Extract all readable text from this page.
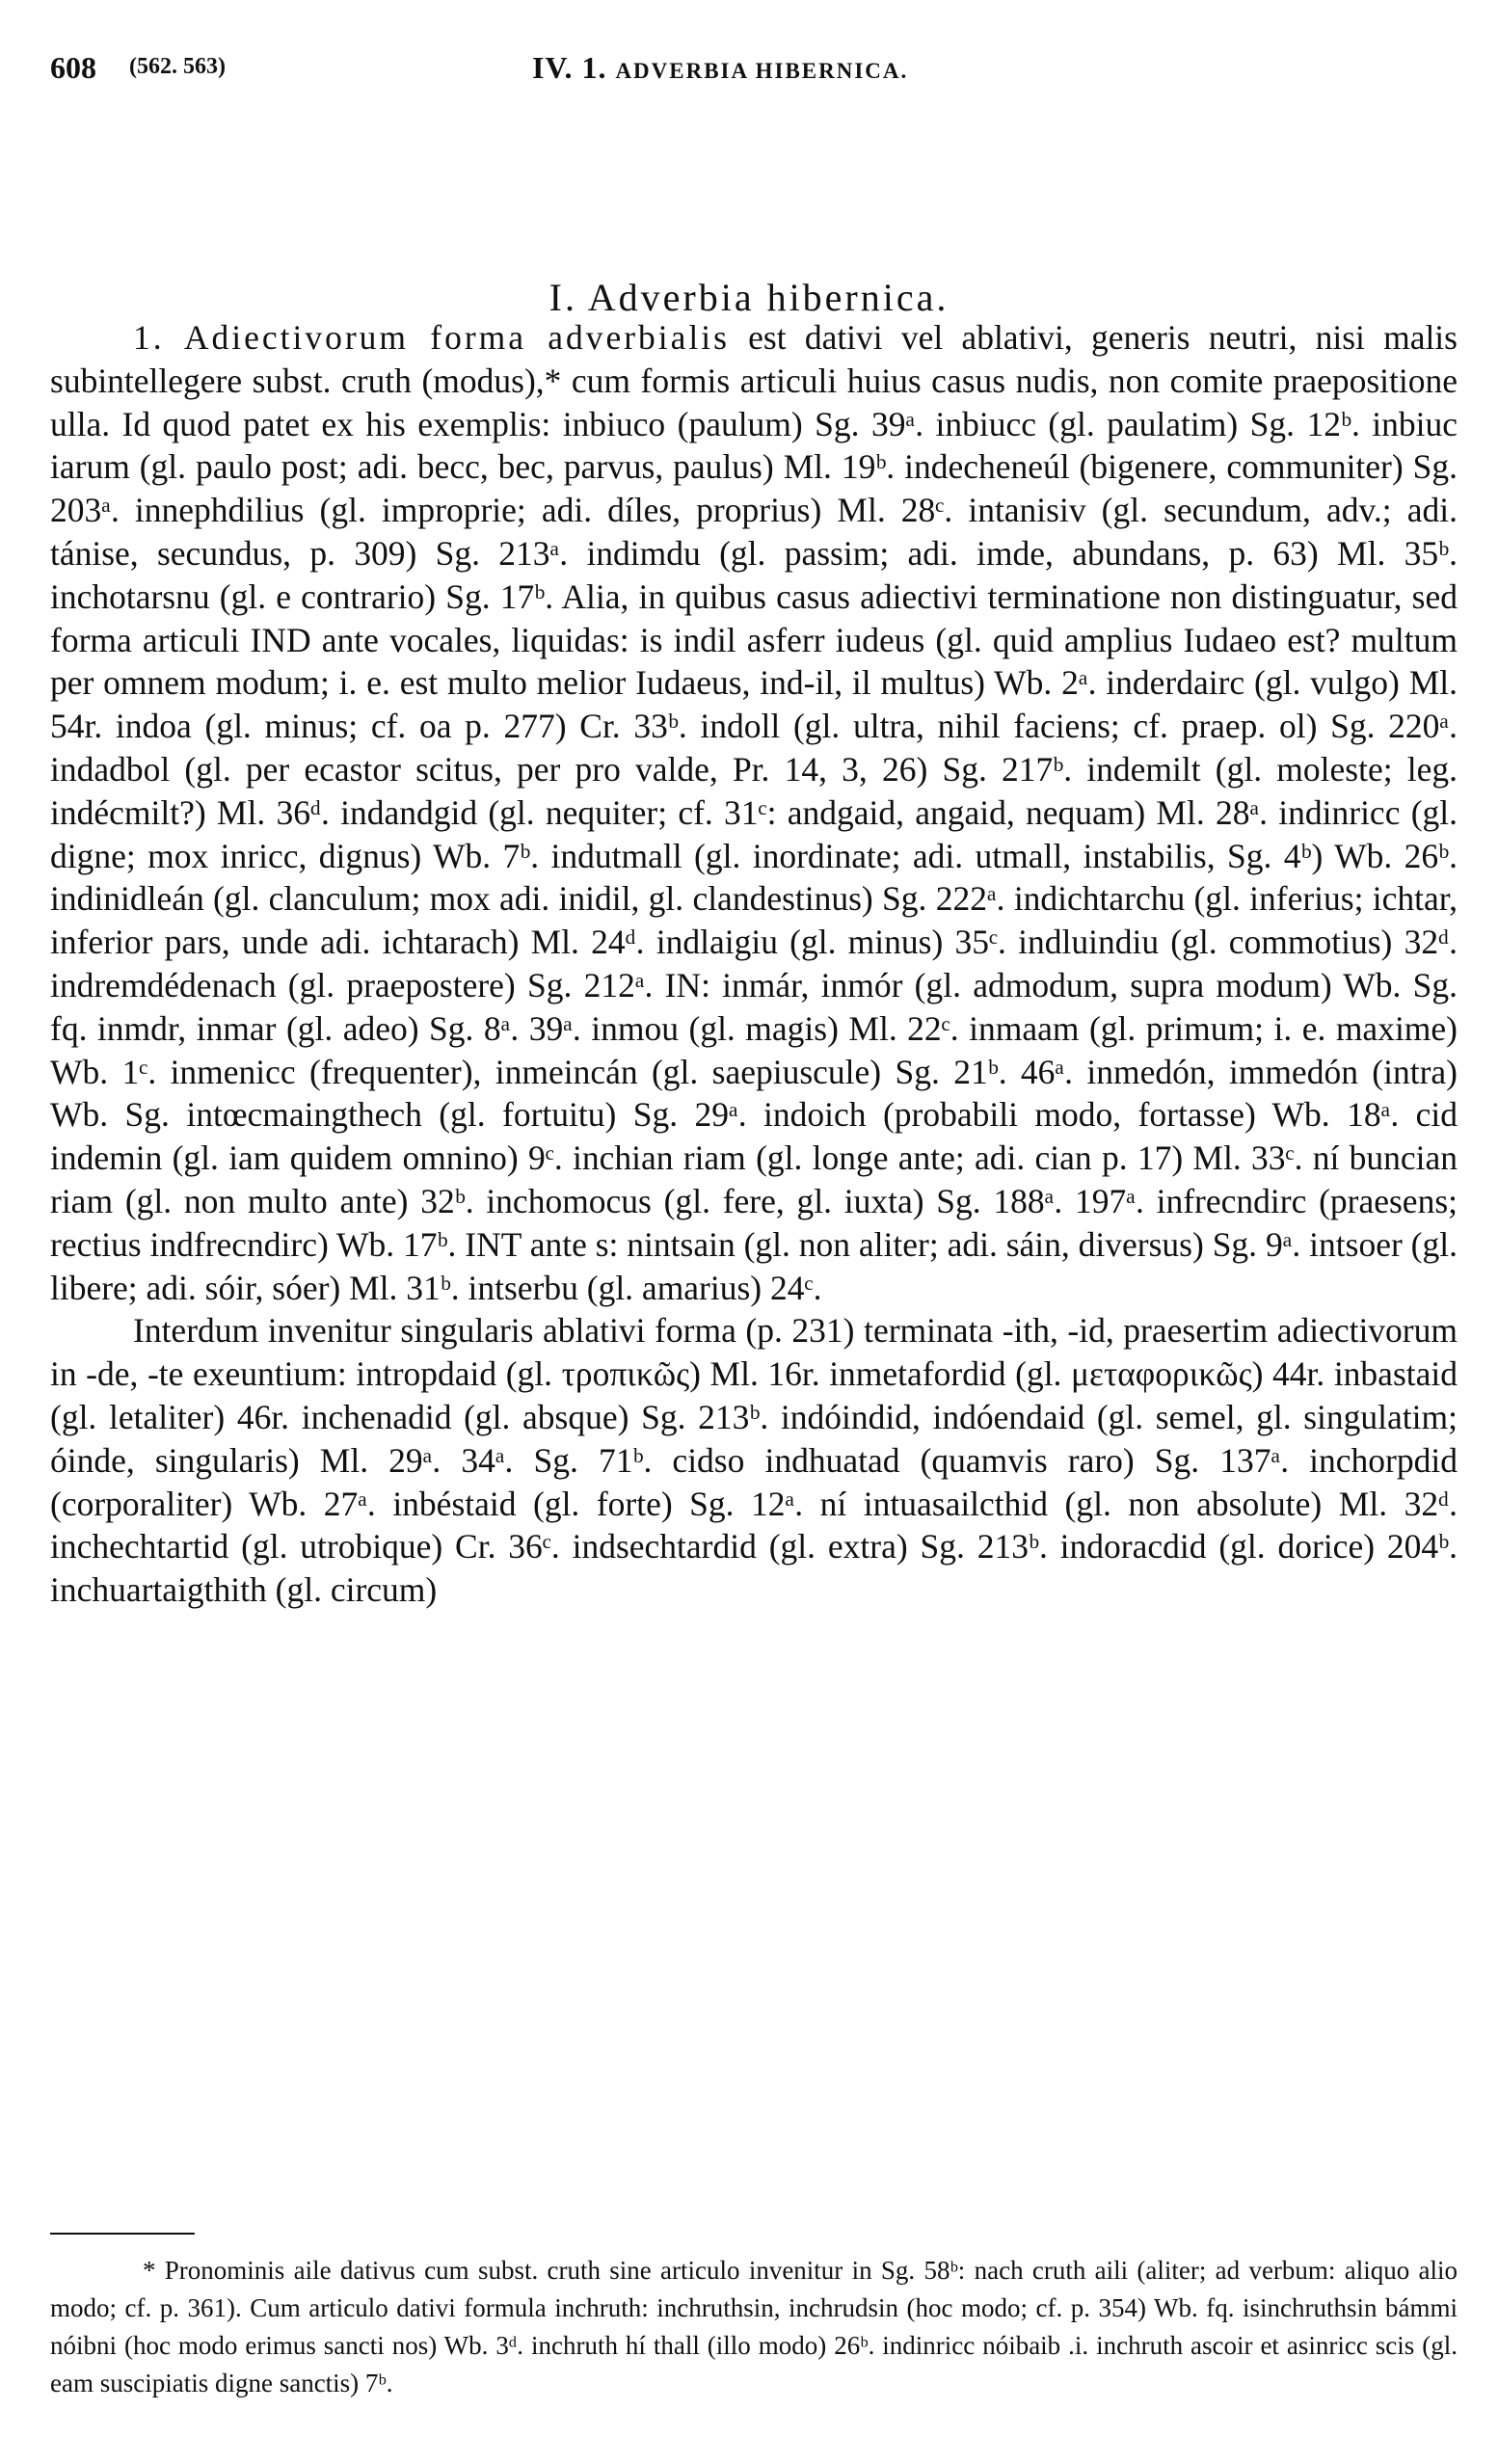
608 (562. 563)	IV. 1. ADVERBIA HIBERNICA.
I. Adverbia hibernica.

1. Adiectivorum forma adverbialis est dativi vel ablativi, generis neutri, nisi malis subintellegere subst. cruth (modus),* cum formis articuli huius casus nudis, non comite praepositione ulla. Id quod patet ex his exemplis: inbiuco (paulum) Sg. 39ᵃ. inbiucc (gl. paulatim) Sg. 12ᵇ. inbiuc iarum (gl. paulo post; adi. becc, bec, parvus, paulus) Ml. 19ᵇ. indecheneúl (bigenere, communiter) Sg. 203ᵃ. innephdilius (gl. improprie; adi. díles, proprius) Ml. 28ᶜ. intanisiv (gl. secundum, adv.; adi. tánise, secundus, p. 309) Sg. 213ᵃ. indimdu (gl. passim; adi. imde, abundans, p. 63) Ml. 35ᵇ. inchotarsnu (gl. e contrario) Sg. 17ᵇ. Alia, in quibus casus adiectivi terminatione non distinguatur, sed forma articuli IND ante vocales, liquidas: is indil asferr iudeus (gl. quid amplius Iudaeo est? multum per omnem modum; i. e. est multo melior Iudaeus, ind-il, il multus) Wb. 2ᵃ. inderdairc (gl. vulgo) Ml. 54r. indoa (gl. minus; cf. oa p. 277) Cr. 33ᵇ. indoll (gl. ultra, nihil faciens; cf. praep. ol) Sg. 220ᵃ. indadbol (gl. per ecastor scitus, per pro valde, Pr. 14, 3, 26) Sg. 217ᵇ. indemilt (gl. moleste; leg. indécmilt?) Ml. 36ᵈ. indandgid (gl. nequiter; cf. 31ᶜ: andgaid, angaid, nequam) Ml. 28ᵃ. indinricc (gl. digne; mox inricc, dignus) Wb. 7ᵇ. indutmall (gl. inordinate; adi. utmall, instabilis, Sg. 4ᵇ) Wb. 26ᵇ. indinidleán (gl. clanculum; mox adi. inidil, gl. clandestinus) Sg. 222ᵃ. indichtarchu (gl. inferius; ichtar, inferior pars, unde adi. ichtarach) Ml. 24ᵈ. indlaigiu (gl. minus) 35ᶜ. indluindiu (gl. commotius) 32ᵈ. indremdédenach (gl. praepostere) Sg. 212ᵃ. IN: inmár, inmór (gl. admodum, supra modum) Wb. Sg. fq. inmdr, inmar (gl. adeo) Sg. 8ᵃ. 39ᵃ. inmou (gl. magis) Ml. 22ᶜ. inmaam (gl. primum; i. e. maxime) Wb. 1ᶜ. inmenicc (frequenter), inmeincán (gl. saepiuscule) Sg. 21ᵇ. 46ᵃ. inmedón, immedón (intra) Wb. Sg. intœcmaingthech (gl. fortuitu) Sg. 29ᵃ. indoich (probabili modo, fortasse) Wb. 18ᵃ. cid indemin (gl. iam quidem omnino) 9ᶜ. inchian riam (gl. longe ante; adi. cian p. 17) Ml. 33ᶜ. ní buncian riam (gl. non multo ante) 32ᵇ. inchomocus (gl. fere, gl. iuxta) Sg. 188ᵃ. 197ᵃ. infrecndirc (praesens; rectius indfrecndirc) Wb. 17ᵇ. INT ante s: nintsain (gl. non aliter; adi. sáin, diversus) Sg. 9ᵃ. intsoer (gl. libere; adi. sóir, sóer) Ml. 31ᵇ. intserbu (gl. amarius) 24ᶜ.

Interdum invenitur singularis ablativi forma (p. 231) terminata -ith, -id, praesertim adiectivorum in -de, -te exeuntium: intropdaid (gl. τροπικῶς) Ml. 16r. inmetafordid (gl. μεταφορικῶς) 44r. inbastaid (gl. letaliter) 46r. inchenadid (gl. absque) Sg. 213ᵇ. indóindid, indóendaid (gl. semel, gl. singulatim; óinde, singularis) Ml. 29ᵃ. 34ᵃ. Sg. 71ᵇ. cidso indhuatad (quamvis raro) Sg. 137ᵃ. inchorpdid (corporaliter) Wb. 27ᵃ. inbéstaid (gl. forte) Sg. 12ᵃ. ní intuasailcthid (gl. non absolute) Ml. 32ᵈ. inchechtartid (gl. utrobique) Cr. 36ᶜ. indsechtardid (gl. extra) Sg. 213ᵇ. indoracdid (gl. dorice) 204ᵇ. inchuartaigthith (gl. circum)

* Pronominis aile dativus cum subst. cruth sine articulo invenitur in Sg. 58ᵇ: nach cruth aili (aliter; ad verbum: aliquo alio modo; cf. p. 361). Cum articulo dativi formula inchruth: inchruthsin, inchrudsin (hoc modo; cf. p. 354) Wb. fq. isinchruthsin bámmi nóibni (hoc modo erimus sancti nos) Wb. 3ᵈ. inchruth hí thall (illo modo) 26ᵇ. indinricc nóibaib .i. inchruth ascoir et asinricc scis (gl. eam suscipiatis digne sanctis) 7ᵇ.
